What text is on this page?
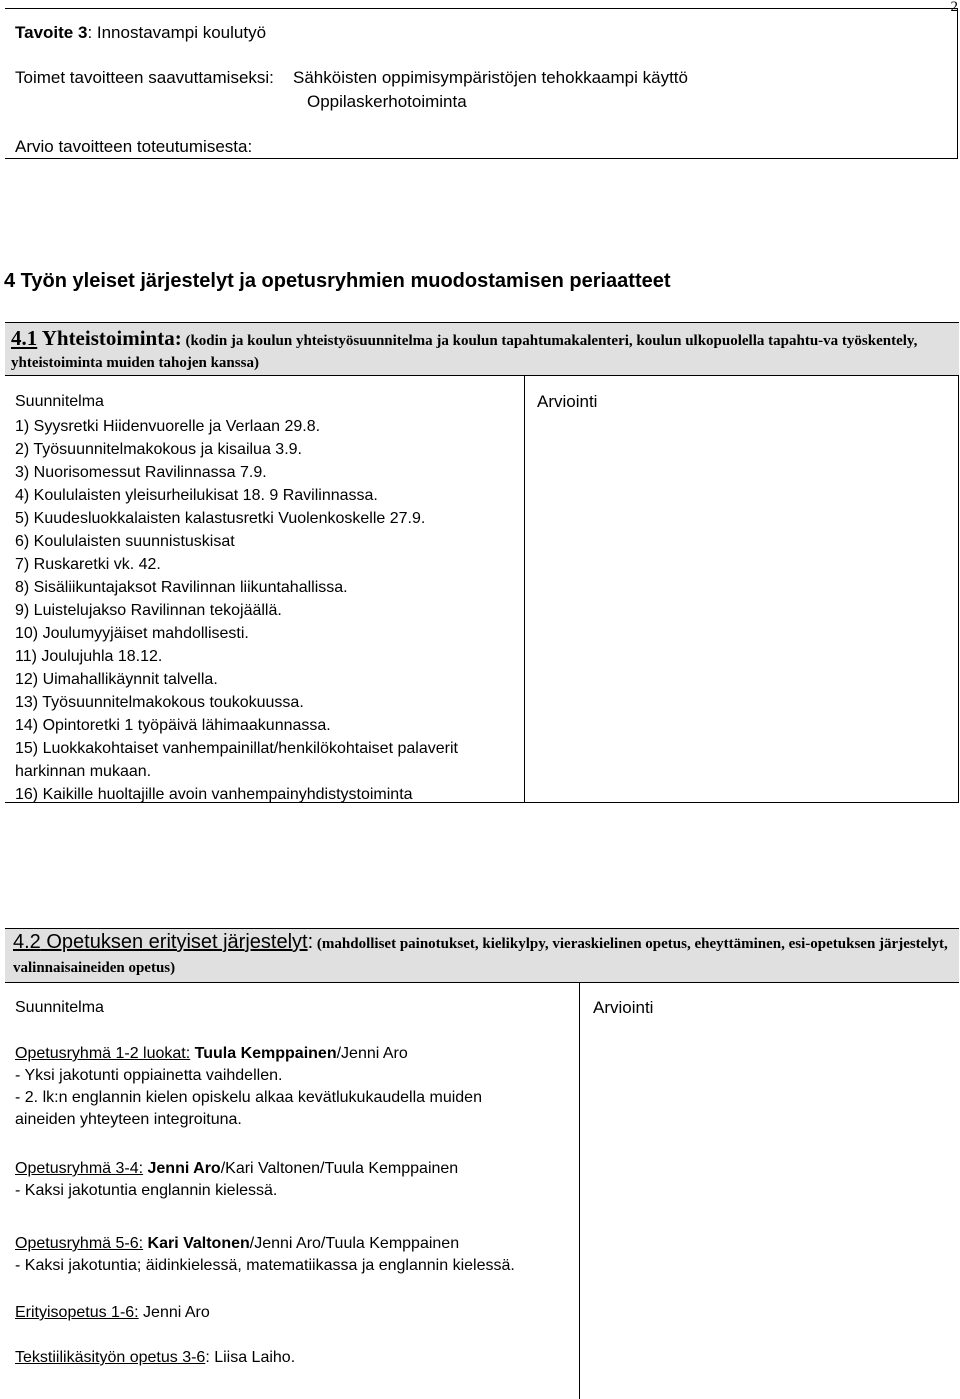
2
Tavoite 3: Innostavampi koulutyö
Toimet tavoitteen saavuttamiseksi: Sähköisten oppimisympäristöjen tehokkaampi käyttö
Oppilaskerhotoiminta
Arvio tavoitteen toteutumisesta:
4 Työn yleiset järjestelyt ja opetusryhmien muodostamisen periaatteet
4.1 Yhteistoiminta: (kodin ja koulun yhteistyösuunnitelma ja koulun tapahtumakalenteri, koulun ulkopuolella tapahtu-va työskentely, yhteistoiminta muiden tahojen kanssa)
Suunnitelma	Arviointi
1) Syysretki Hiidenvuorelle ja Verlaan 29.8.
2) Työsuunnitelmakokous ja kisailua 3.9.
3) Nuorisomessut Ravilinnassa 7.9.
4) Koululaisten yleisurheilukisat 18. 9 Ravilinnassa.
5) Kuudesluokkalaisten kalastusretki Vuolenkoskelle 27.9.
6) Koululaisten suunnistuskisat
7) Ruskaretki vk. 42.
8) Sisäliikuntajaksot Ravilinnan liikuntahallissa.
9) Luistelujakso Ravilinnan tekojäällä.
10) Joulumyyjäiset mahdollisesti.
11) Joulujuhla 18.12.
12) Uimahallikäynnit talvella.
13) Työsuunnitelmakokous toukokuussa.
14) Opintoretki 1 työpäivä lähimaakunnassa.
15) Luokkakohtaiset vanhempainillat/henkilökohtaiset palaverit
harkinnan mukaan.
16) Kaikille huoltajille avoin vanhempainyhdistystoiminta
4.2 Opetuksen erityiset järjestelyt: (mahdolliset painotukset, kielikylpy, vieraskielinen opetus, eheyttäminen, esi-opetuksen järjestelyt, valinnaisaineiden opetus)
Suunnitelma	Arviointi
Opetusryhmä 1-2 luokat: Tuula Kemppainen/Jenni Aro
- Yksi jakotunti oppiainetta vaihdellen.
- 2. lk:n englannin kielen opiskelu alkaa kevätlukukaudella muiden
aineiden yhteyteen integroituna.
Opetusryhmä 3-4: Jenni Aro/Kari Valtonen/Tuula Kemppainen
- Kaksi jakotuntia englannin kielessä.
Opetusryhmä 5-6: Kari Valtonen/Jenni Aro/Tuula Kemppainen
- Kaksi jakotuntia; äidinkielessä, matematiikassa ja englannin kielessä.
Erityisopetus 1-6: Jenni Aro
Tekstiilikäsityön opetus 3-6: Liisa Laiho.
